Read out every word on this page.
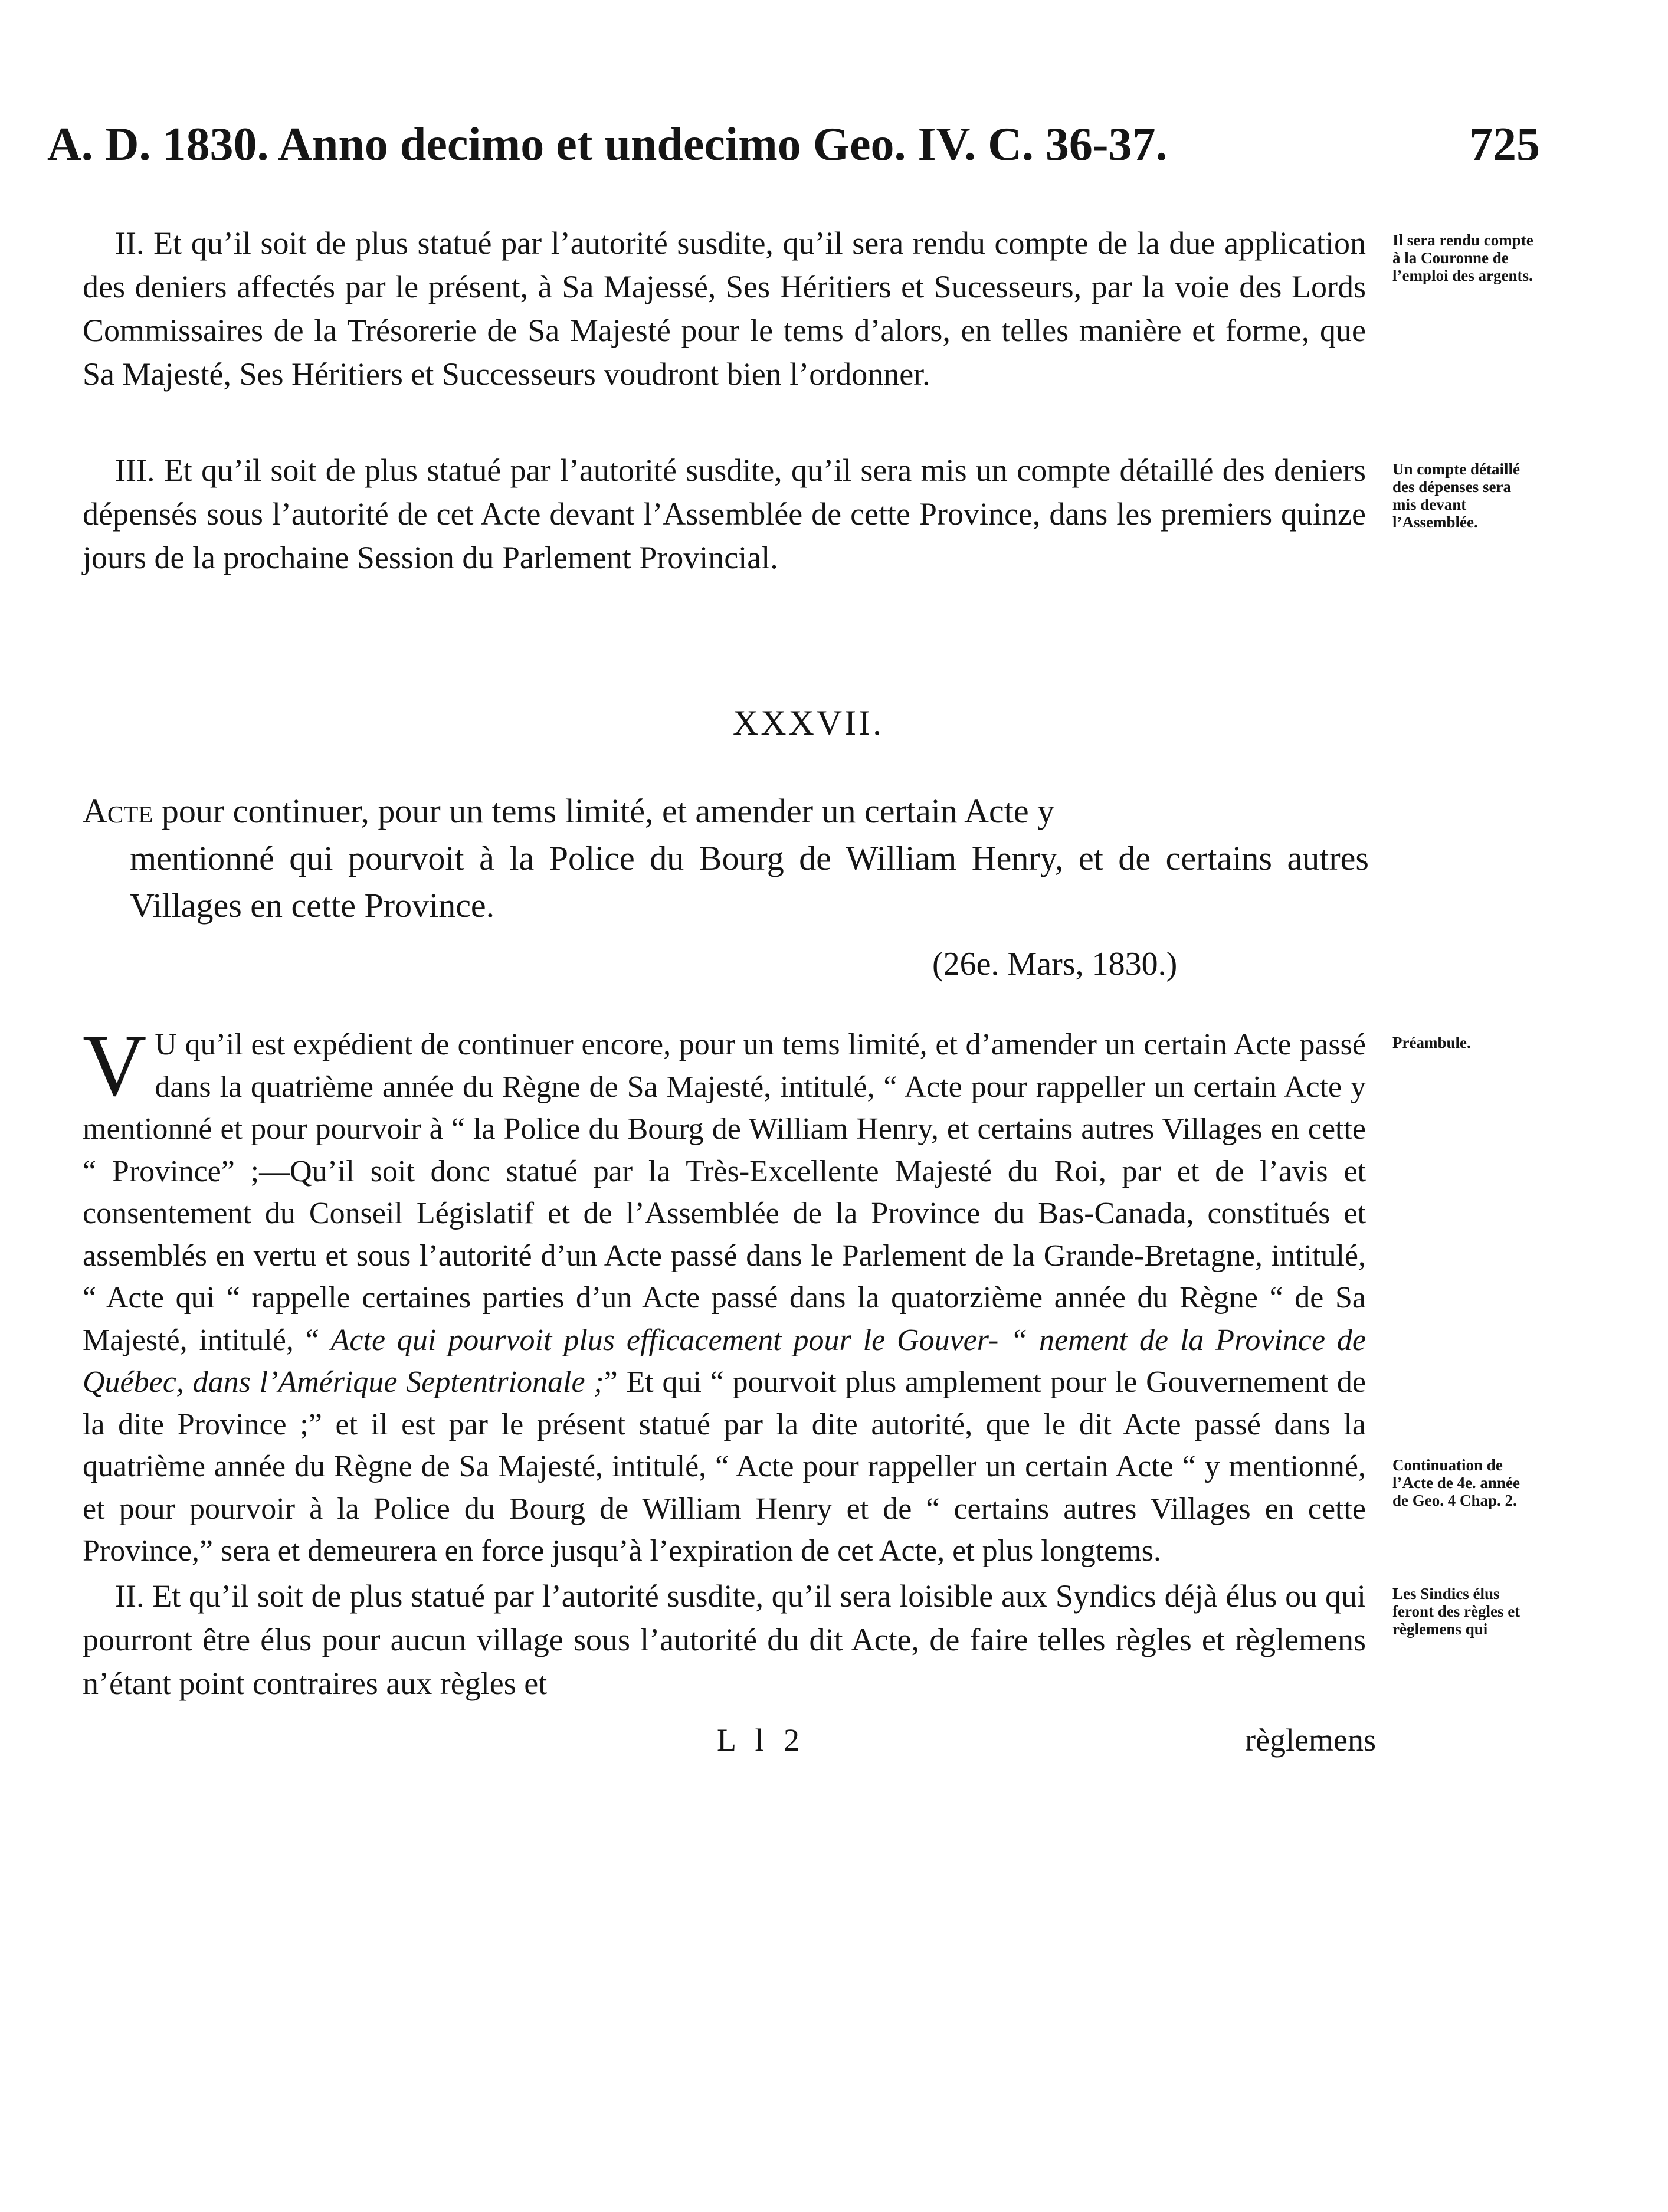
A. D. 1830. Anno decimo et undecimo Geo. IV. C. 36-37.	725

II. Et qu’il soit de plus statué par l’autorité susdite, qu’il sera rendu compte de la due application des deniers affectés par le présent, à Sa Majessé, Ses Héritiers et Sucesseurs, par la voie des Lords Commissaires de la Trésorerie de Sa Majesté pour le tems d’alors, en telles manière et forme, que Sa Majesté, Ses Héritiers et Successeurs voudront bien l’ordonner.

Il sera rendu compte à la Couronne de l’emploi des argents.

III. Et qu’il soit de plus statué par l’autorité susdite, qu’il sera mis un compte détaillé des deniers dépensés sous l’autorité de cet Acte devant l’Assemblée de cette Province, dans les premiers quinze jours de la prochaine Session du Parlement Provincial.

Un compte détaillé des dépenses sera mis devant l’Assemblée.
XXXVII.
Acte pour continuer, pour un tems limité, et amender un certain Acte y
mentionné qui pourvoit à la Police du Bourg de William Henry, et de certains autres Villages en cette Province.
(26e. Mars, 1830.)
V U qu’il est expédient de continuer encore, pour un tems limité, et d’amender un certain Acte passé dans la quatrième année du Règne de Sa Majesté, intitulé, “ Acte pour rappeller un certain Acte y mentionné et pour pourvoir à “ la Police du Bourg de William Henry, et certains autres Villages en cette “ Province” ;—Qu’il soit donc statué par la Très-Excellente Majesté du Roi, par et de l’avis et consentement du Conseil Législatif et de l’Assemblée de la Province du Bas-Canada, constitués et assemblés en vertu et sous l’autorité d’un Acte passé dans le Parlement de la Grande-Bretagne, intitulé, “ Acte qui “ rappelle certaines parties d’un Acte passé dans la quatorzième année du Règne “ de Sa Majesté, intitulé, “ Acte qui pourvoit plus efficacement pour le Gouver- “ nement de la Province de Québec, dans l’Amérique Septentrionale ;” Et qui “ pourvoit plus amplement pour le Gouvernement de la dite Province ;” et il est par le présent statué par la dite autorité, que le dit Acte passé dans la quatrième année du Règne de Sa Majesté, intitulé, “ Acte pour rappeller un certain Acte “ y mentionné, et pour pourvoir à la Police du Bourg de William Henry et de “ certains autres Villages en cette Province,” sera et demeurera en force jusqu’à l’expiration de cet Acte, et plus longtems.
Préambule.
Continuation de l’Acte de 4e. année de Geo. 4 Chap. 2.

II. Et qu’il soit de plus statué par l’autorité susdite, qu’il sera loisible aux Syndics déjà élus ou qui pourront être élus pour aucun village sous l’autorité du dit Acte, de faire telles règles et règlemens n’étant point contraires aux règles et

Les Sindics élus feront des règles et règlemens qui
L l 2	règlemens
